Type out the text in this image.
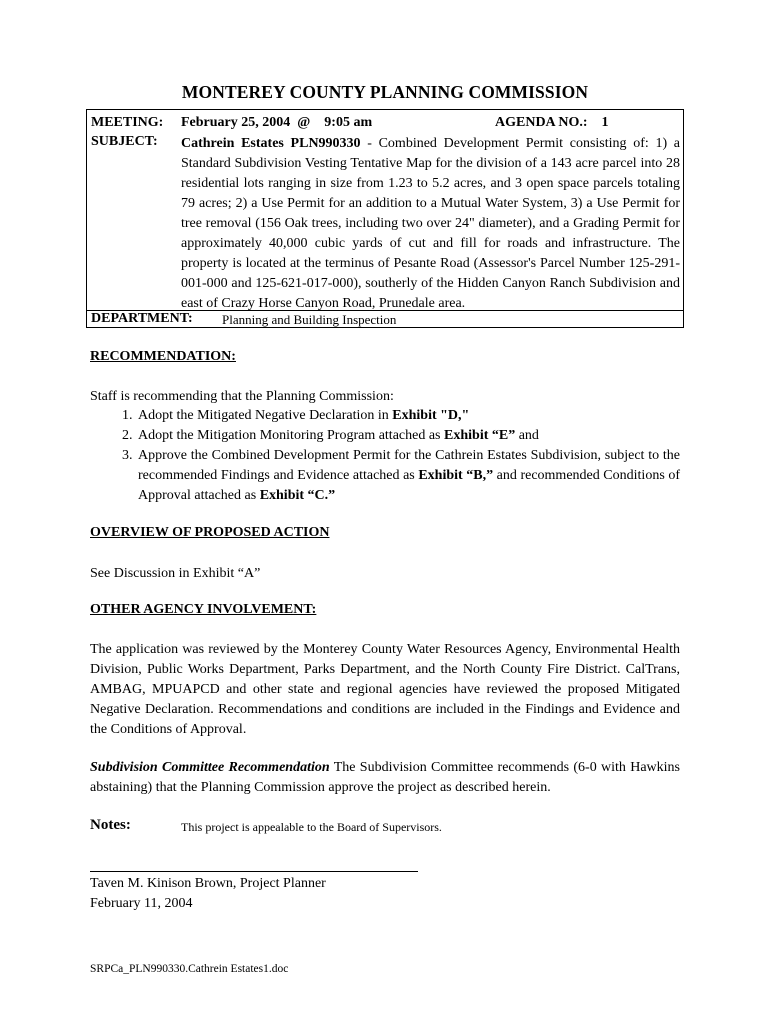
MONTEREY COUNTY PLANNING COMMISSION
MEETING: February 25, 2004  @    9:05 am	AGENDA NO.:    1
SUBJECT: Cathrein Estates PLN990330 - Combined Development Permit consisting of: 1) a Standard Subdivision Vesting Tentative Map for the division of a 143 acre parcel into 28 residential lots ranging in size from 1.23 to 5.2 acres, and 3 open space parcels totaling 79 acres; 2) a Use Permit for an addition to a Mutual Water System, 3) a Use Permit for tree removal (156 Oak trees, including two over 24" diameter), and a Grading Permit for approximately 40,000 cubic yards of cut and fill for roads and infrastructure. The property is located at the terminus of Pesante Road (Assessor's Parcel Number 125-291-001-000 and 125-621-017-000), southerly of the Hidden Canyon Ranch Subdivision and east of Crazy Horse Canyon Road, Prunedale area.
DEPARTMENT: Planning and Building Inspection
RECOMMENDATION:
Staff is recommending that the Planning Commission:
1. Adopt the Mitigated Negative Declaration in Exhibit "D,"
2. Adopt the Mitigation Monitoring Program attached as Exhibit “E” and
3. Approve the Combined Development Permit for the Cathrein Estates Subdivision, subject to the recommended Findings and Evidence attached as Exhibit “B,” and recommended Conditions of Approval attached as Exhibit “C.”
OVERVIEW OF PROPOSED ACTION
See Discussion in Exhibit “A”
OTHER AGENCY INVOLVEMENT:
The application was reviewed by the Monterey County Water Resources Agency, Environmental Health Division, Public Works Department, Parks Department, and the North County Fire District. CalTrans, AMBAG, MPUAPCD and other state and regional agencies have reviewed the proposed Mitigated Negative Declaration. Recommendations and conditions are included in the Findings and Evidence and the Conditions of Approval.
Subdivision Committee Recommendation The Subdivision Committee recommends (6-0 with Hawkins abstaining) that the Planning Commission approve the project as described herein.
Notes:	This project is appealable to the Board of Supervisors.
Taven M. Kinison Brown, Project Planner
February 11, 2004
SRPCa_PLN990330.Cathrein Estates1.doc
